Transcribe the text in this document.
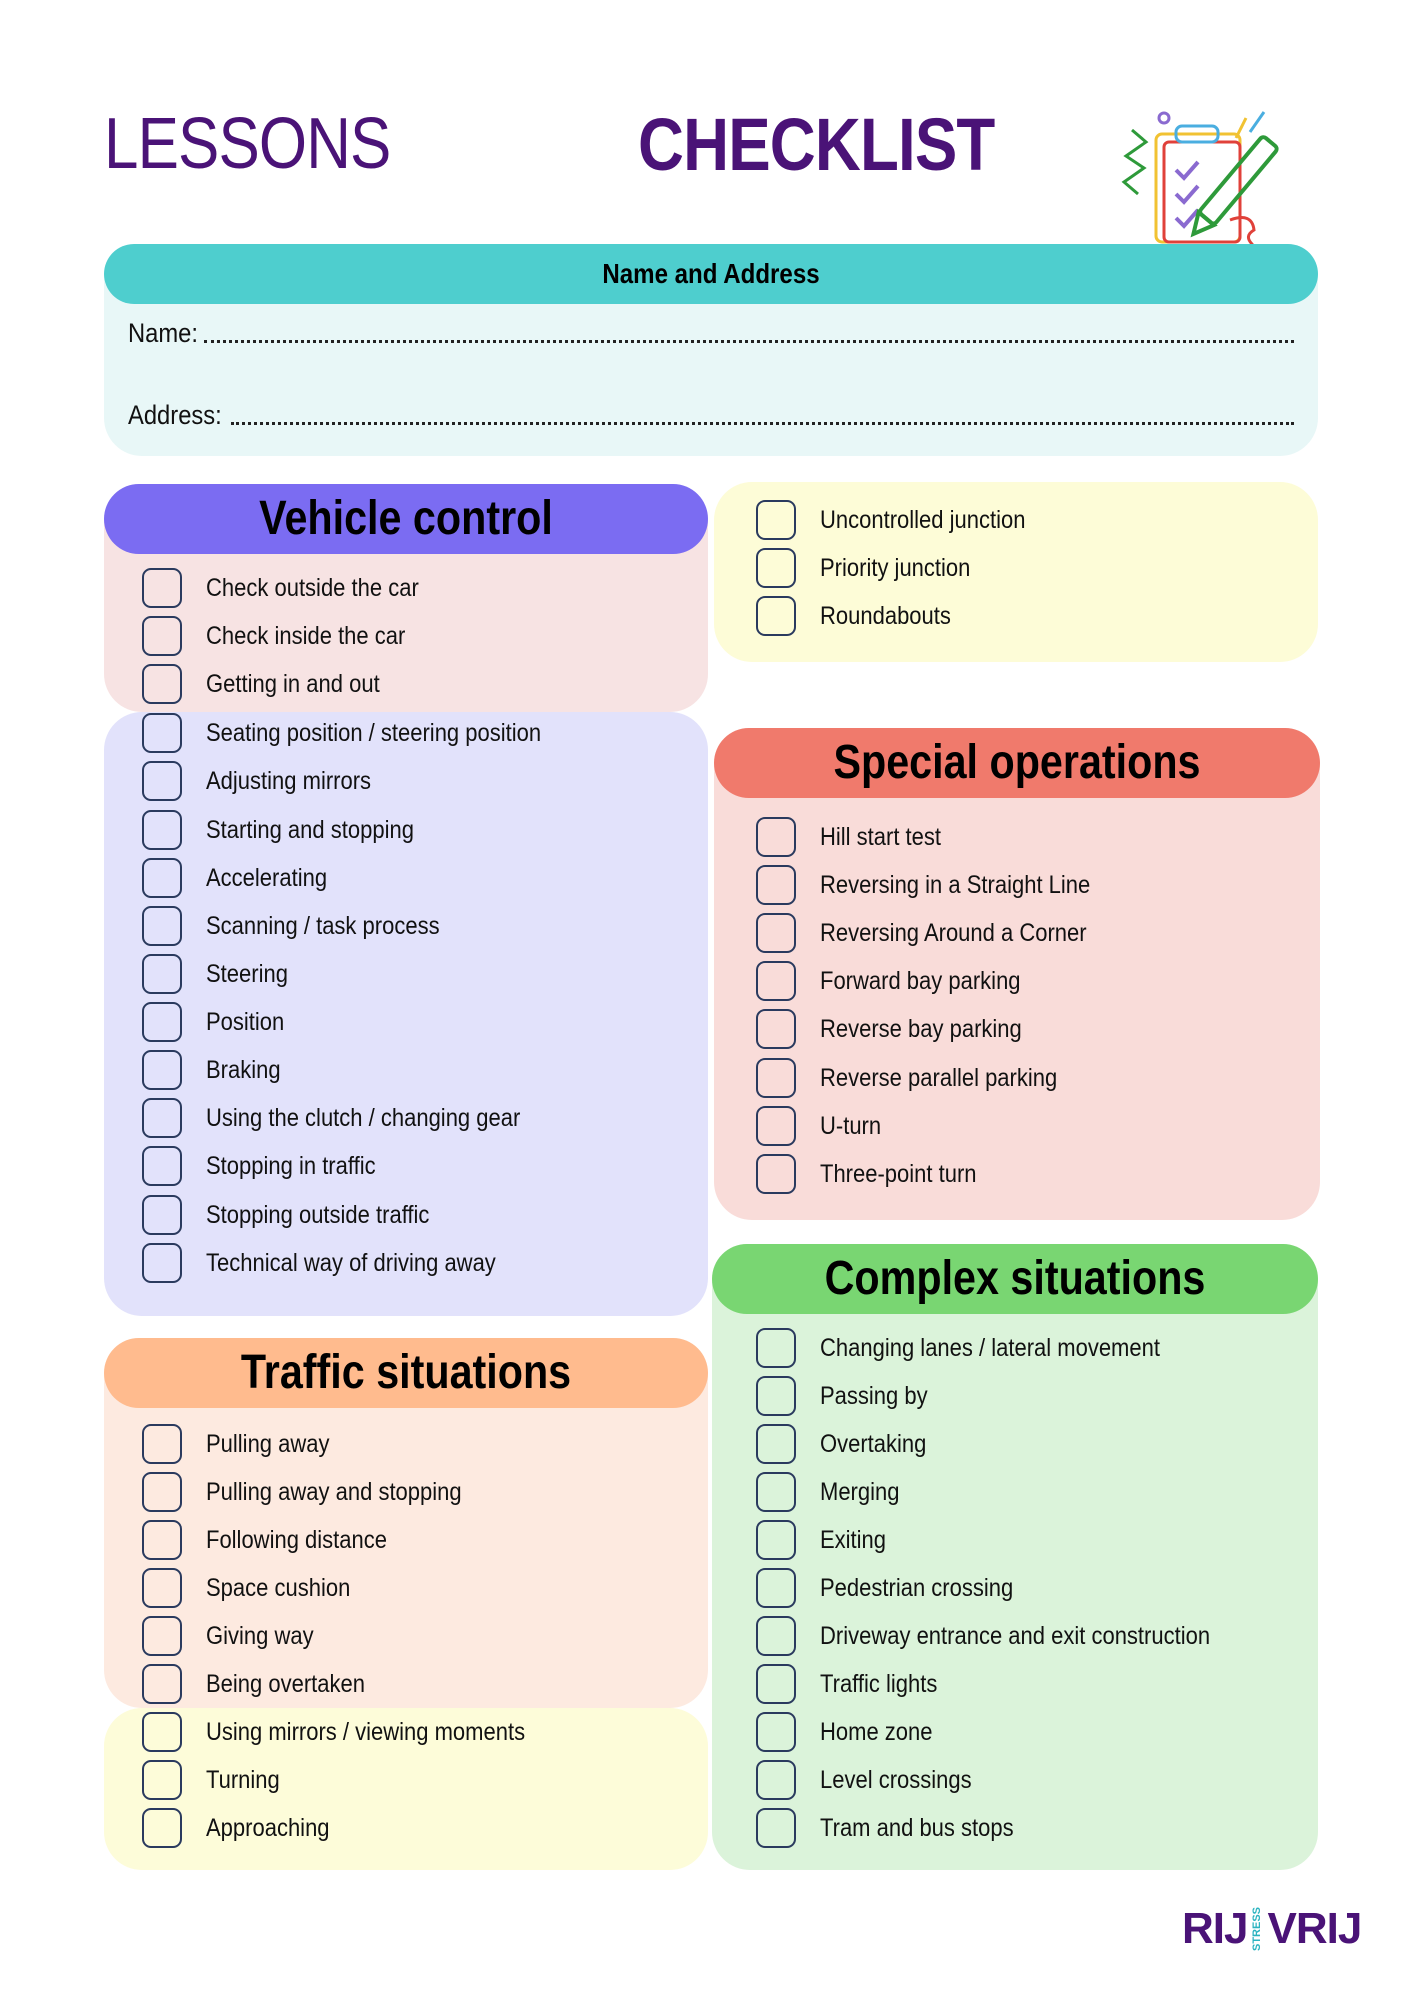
LESSONS	CHECKLIST
Name and Address
Name:
Address:
Vehicle control
Special operations
Traffic situations
Complex situations
Check outside the car
Check inside the car
Getting in and out
Seating position / steering position
Adjusting mirrors
Starting and stopping
Accelerating
Scanning / task process
Steering
Position
Braking
Using the clutch / changing gear
Stopping in traffic
Stopping outside traffic
Technical way of driving away
Uncontrolled junction
Priority junction
Roundabouts
Hill start test
Reversing in a Straight Line
Reversing Around a Corner
Forward bay parking
Reverse bay parking
Reverse parallel parking
U-turn
Three-point turn
Pulling away
Pulling away and stopping
Following distance
Space cushion
Giving way
Being overtaken
Using mirrors / viewing moments
Turning
Approaching
Changing lanes / lateral movement
Passing by
Overtaking
Merging
Exiting
Pedestrian crossing
Driveway entrance and exit construction
Traffic lights
Home zone
Level crossings
Tram and bus stops
RIJ STRESS VRIJ
